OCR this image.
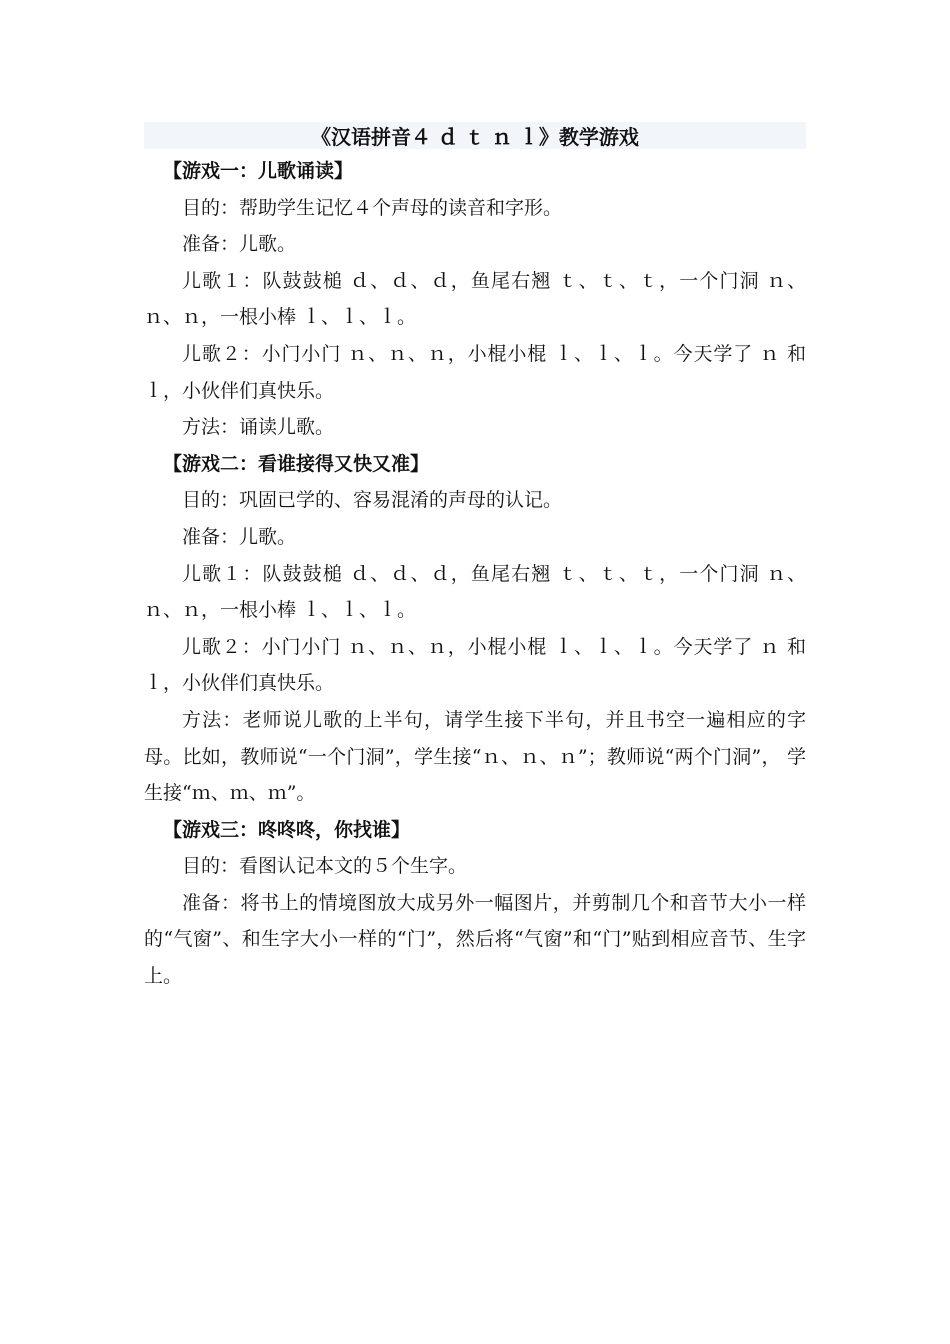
《汉语拼音４ ｄ ｔ ｎ ｌ》教学游戏

【游戏一：儿歌诵读】

目的：帮助学生记忆４个声母的读音和字形。

准备：儿歌。

儿歌１：队鼓鼓槌 ｄ、ｄ、ｄ，鱼尾右翘 ｔ、ｔ、ｔ，一个门洞 ｎ、ｎ、ｎ，一根小棒 ｌ、ｌ、ｌ。

儿歌２：小门小门 ｎ、ｎ、ｎ，小棍小棍 ｌ、ｌ、ｌ。今天学了 ｎ 和 ｌ，小伙伴们真快乐。

方法：诵读儿歌。

【游戏二：看谁接得又快又准】

目的：巩固已学的、容易混淆的声母的认记。

准备：儿歌。

儿歌１：队鼓鼓槌 ｄ、ｄ、ｄ，鱼尾右翘 ｔ、ｔ、ｔ，一个门洞 ｎ、ｎ、ｎ，一根小棒 ｌ、ｌ、ｌ。

儿歌２：小门小门 ｎ、ｎ、ｎ，小棍小棍 ｌ、ｌ、ｌ。今天学了 ｎ 和 ｌ，小伙伴们真快乐。

方法：老师说儿歌的上半句，请学生接下半句，并且书空一遍相应的字母。比如，教师说“一个门洞”，学生接“ｎ、ｎ、ｎ”；教师说“两个门洞”， 学生接“ｍ、ｍ、ｍ”。

【游戏三：咚咚咚，你找谁】

目的：看图认记本文的５个生字。

准备：将书上的情境图放大成另外一幅图片，并剪制几个和音节大小一样的“气窗”、和生字大小一样的“门”，然后将“气窗”和“门”贴到相应音节、生字上。
